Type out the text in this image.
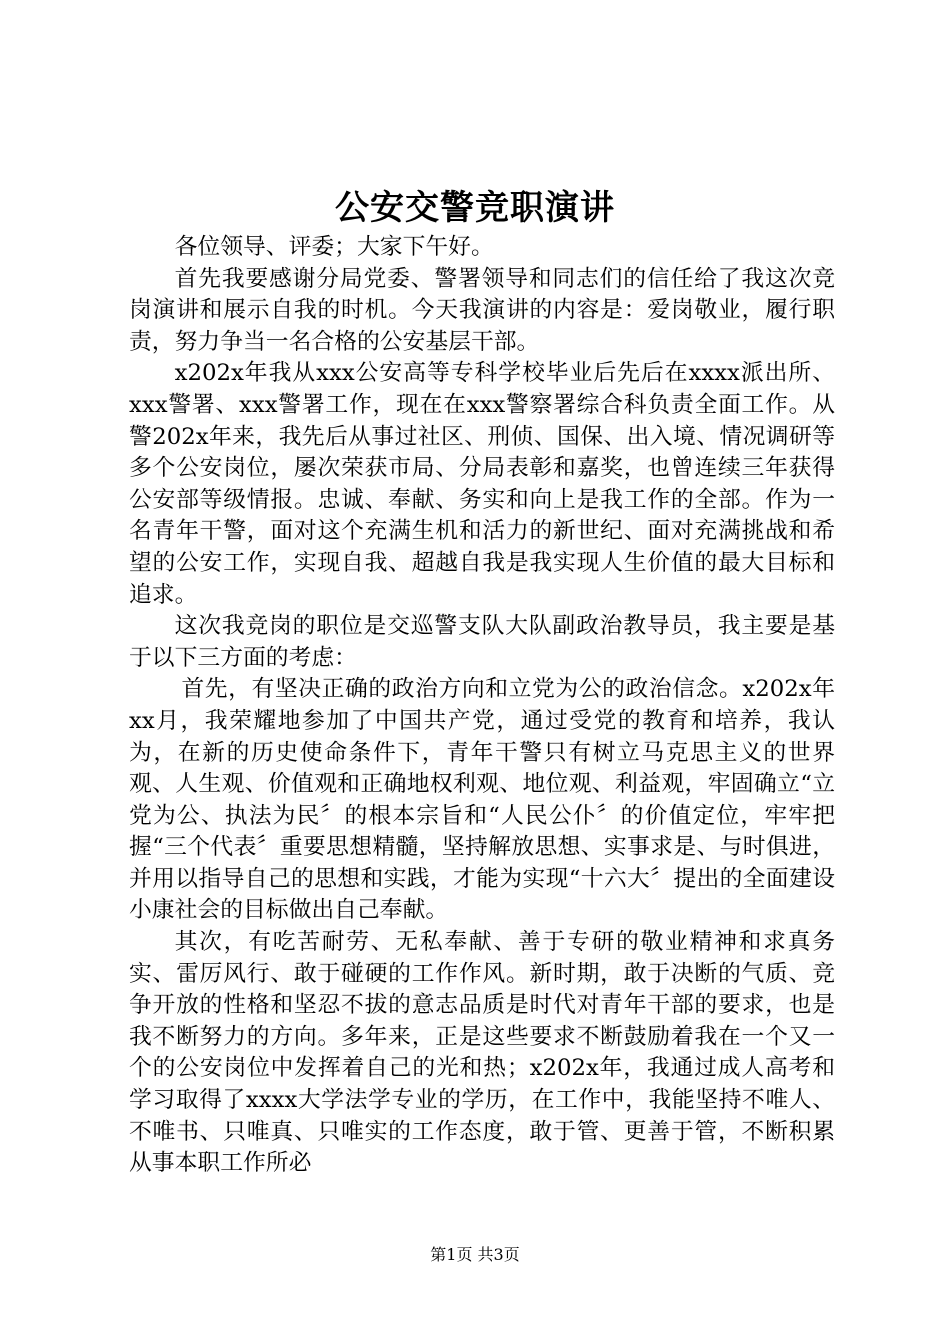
公安交警竞职演讲

各位领导、评委；大家下午好。

首先我要感谢分局党委、警署领导和同志们的信任给了我这次竞岗演讲和展示自我的时机。今天我演讲的内容是：爱岗敬业，履行职责，努力争当一名合格的公安基层干部。

x202x年我从xxx公安高等专科学校毕业后先后在xxxx派出所、xxx警署、xxx警署工作，现在在xxx警察署综合科负责全面工作。从警202x年来，我先后从事过社区、刑侦、国保、出入境、情况调研等多个公安岗位，屡次荣获市局、分局表彰和嘉奖，也曾连续三年获得公安部等级情报。忠诚、奉献、务实和向上是我工作的全部。作为一名青年干警，面对这个充满生机和活力的新世纪、面对充满挑战和希望的公安工作，实现自我、超越自我是我实现人生价值的最大目标和追求。

这次我竞岗的职位是交巡警支队大队副政治教导员，我主要是基于以下三方面的考虑：

首先，有坚决正确的政治方向和立党为公的政治信念。x202x年xx月，我荣耀地参加了中国共产党，通过受党的教育和培养，我认为，在新的历史使命条件下，青年干警只有树立马克思主义的世界观、人生观、价值观和正确地权利观、地位观、利益观，牢固确立“立党为公、执法为民〞的根本宗旨和“人民公仆〞的价值定位，牢牢把握“三个代表〞重要思想精髓，坚持解放思想、实事求是、与时俱进，并用以指导自己的思想和实践，才能为实现“十六大〞提出的全面建设小康社会的目标做出自己奉献。

其次，有吃苦耐劳、无私奉献、善于专研的敬业精神和求真务实、雷厉风行、敢于碰硬的工作作风。新时期，敢于决断的气质、竞争开放的性格和坚忍不拔的意志品质是时代对青年干部的要求，也是我不断努力的方向。多年来，正是这些要求不断鼓励着我在一个又一个的公安岗位中发挥着自己的光和热；x202x年，我通过成人高考和学习取得了xxxx大学法学专业的学历，在工作中，我能坚持不唯人、不唯书、只唯真、只唯实的工作态度，敢于管、更善于管，不断积累从事本职工作所必

第1页 共3页
